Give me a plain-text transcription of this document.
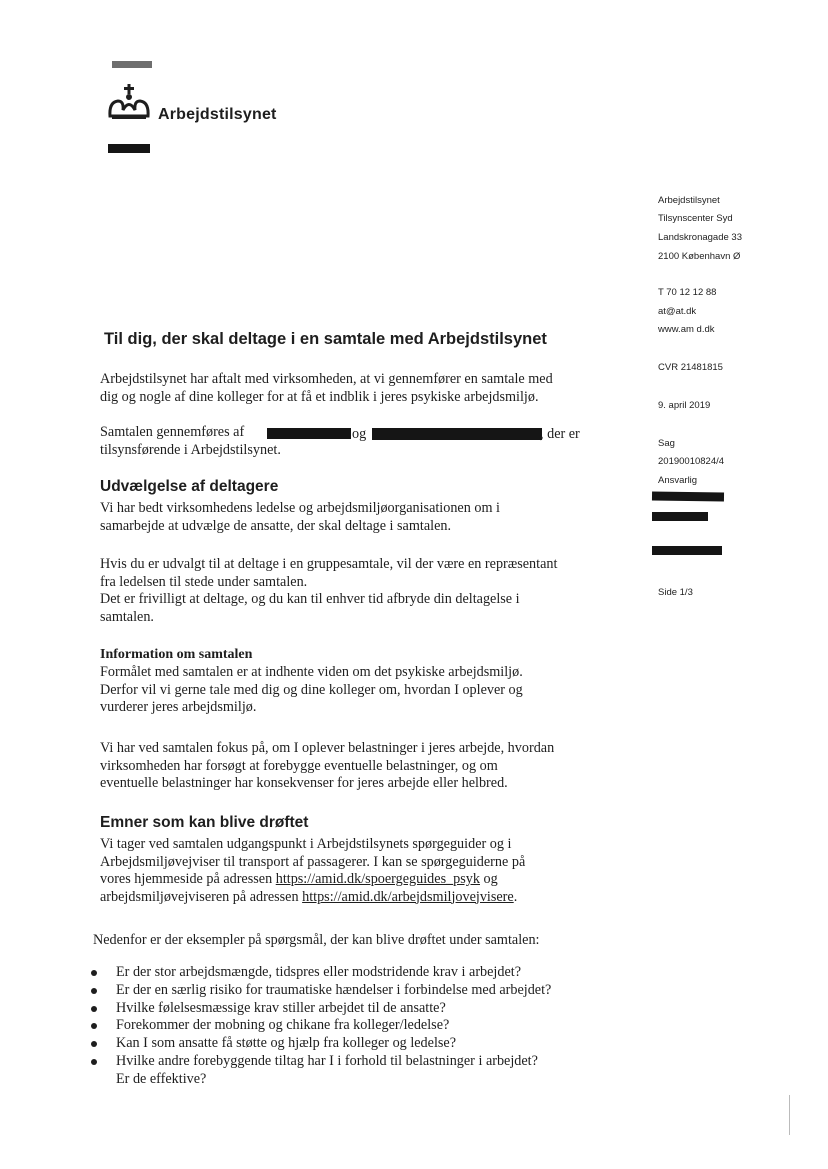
Arbejdstilsynet
Arbejdstilsynet
Tilsynscenter Syd
Landskronagade 33
2100 København Ø
T 70 12 12 88
at@at.dk
www.am d.dk
CVR 21481815
9. april 2019
Sag
20190010824/4
Ansvarlig
Side 1/3
Til dig, der skal deltage i en samtale med Arbejdstilsynet
Arbejdstilsynet har aftalt med virksomheden, at vi gennemfører en samtale med
dig og nogle af dine kolleger for at få et indblik i jeres psykiske arbejdsmiljø.
Samtalen gennemføres af	og	, der er
tilsynsførende i Arbejdstilsynet.
Udvælgelse af deltagere
Vi har bedt virksomhedens ledelse og arbejdsmiljøorganisationen om i
samarbejde at udvælge de ansatte, der skal deltage i samtalen.
Hvis du er udvalgt til at deltage i en gruppesamtale, vil der være en repræsentant
fra ledelsen til stede under samtalen.
Det er frivilligt at deltage, og du kan til enhver tid afbryde din deltagelse i
samtalen.
Information om samtalen
Formålet med samtalen er at indhente viden om det psykiske arbejdsmiljø.
Derfor vil vi gerne tale med dig og dine kolleger om, hvordan I oplever og
vurderer jeres arbejdsmiljø.
Vi har ved samtalen fokus på, om I oplever belastninger i jeres arbejde, hvordan
virksomheden har forsøgt at forebygge eventuelle belastninger, og om
eventuelle belastninger har konsekvenser for jeres arbejde eller helbred.
Emner som kan blive drøftet
Vi tager ved samtalen udgangspunkt i Arbejdstilsynets spørgeguider og i
Arbejdsmiljøvejviser til transport af passagerer. I kan se spørgeguiderne på
vores hjemmeside på adressen https://amid.dk/spoergeguides_psyk og
arbejdsmiljøvejviseren på adressen https://amid.dk/arbejdsmiljovejvisere.
Nedenfor er der eksempler på spørgsmål, der kan blive drøftet under samtalen:
Er der stor arbejdsmængde, tidspres eller modstridende krav i arbejdet?
Er der en særlig risiko for traumatiske hændelser i forbindelse med arbejdet?
Hvilke følelsesmæssige krav stiller arbejdet til de ansatte?
Forekommer der mobning og chikane fra kolleger/ledelse?
Kan I som ansatte få støtte og hjælp fra kolleger og ledelse?
Hvilke andre forebyggende tiltag har I i forhold til belastninger i arbejdet?
Er de effektive?
